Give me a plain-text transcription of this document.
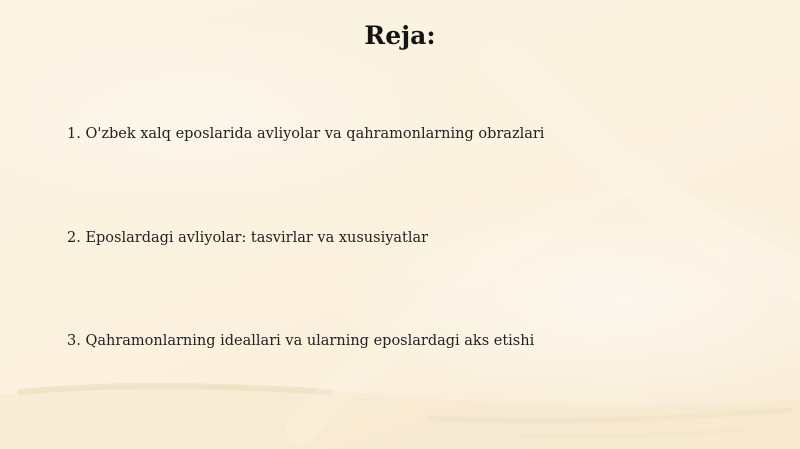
Reja:
1. O'zbek xalq eposlarida avliyolar va qahramonlarning obrazlari
2. Eposlardagi avliyolar: tasvirlar va xususiyatlar
3. Qahramonlarning ideallari va ularning eposlardagi aks etishi
